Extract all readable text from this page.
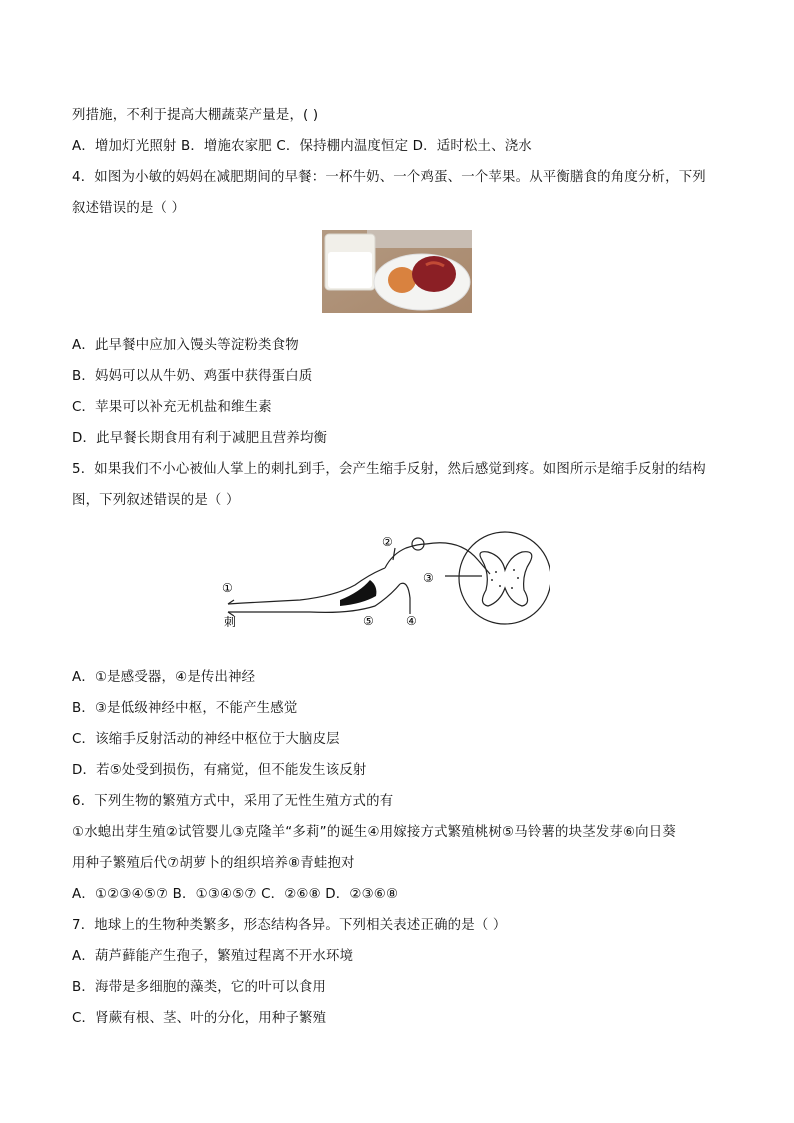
列措施，不利于提高大棚蔬菜产量是，( )
A．增加灯光照射 B．增施农家肥 C．保持棚内温度恒定 D．适时松土、浇水
4．如图为小敏的妈妈在减肥期间的早餐：一杯牛奶、一个鸡蛋、一个苹果。从平衡膳食的角度分析，下列
叙述错误的是（ ）
A．此早餐中应加入馒头等淀粉类食物
B．妈妈可以从牛奶、鸡蛋中获得蛋白质
C．苹果可以补充无机盐和维生素
D．此早餐长期食用有利于减肥且营养均衡
5．如果我们不小心被仙人掌上的刺扎到手，会产生缩手反射，然后感觉到疼。如图所示是缩手反射的结构
图，下列叙述错误的是（ ）
①
刺
②
③
⑤	④
A．①是感受器，④是传出神经
B．③是低级神经中枢，不能产生感觉
C．该缩手反射活动的神经中枢位于大脑皮层
D．若⑤处受到损伤，有痛觉，但不能发生该反射
6．下列生物的繁殖方式中，采用了无性生殖方式的有
①水螅出芽生殖②试管婴儿③克隆羊“多莉”的诞生④用嫁接方式繁殖桃树⑤马铃薯的块茎发芽⑥向日葵
用种子繁殖后代⑦胡萝卜的组织培养⑧青蛙抱对
A．①②③④⑤⑦ B．①③④⑤⑦ C．②⑥⑧ D．②③⑥⑧
7．地球上的生物种类繁多，形态结构各异。下列相关表述正确的是（ ）
A．葫芦藓能产生孢子，繁殖过程离不开水环境
B．海带是多细胞的藻类，它的叶可以食用
C．肾蕨有根、茎、叶的分化，用种子繁殖
